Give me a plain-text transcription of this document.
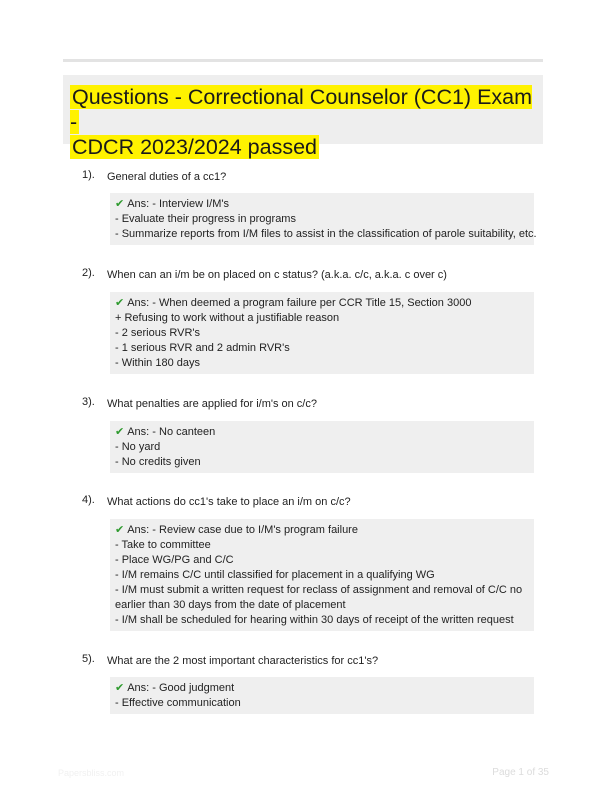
Questions - Correctional Counselor (CC1) Exam -
CDCR 2023/2024 passed
1). General duties of a cc1?
✔ Ans: - Interview I/M's
- Evaluate their progress in programs
- Summarize reports from I/M files to assist in the classification of parole suitability, etc.
2). When can an i/m be on placed on c status? (a.k.a. c/c, a.k.a. c over c)
✔ Ans: - When deemed a program failure per CCR Title 15, Section 3000
+ Refusing to work without a justifiable reason
- 2 serious RVR's
- 1 serious RVR and 2 admin RVR's
- Within 180 days
3). What penalties are applied for i/m's on c/c?
✔ Ans: - No canteen
- No yard
- No credits given
4). What actions do cc1's take to place an i/m on c/c?
✔ Ans: - Review case due to I/M's program failure
- Take to committee
- Place WG/PG and C/C
- I/M remains C/C until classified for placement in a qualifying WG
- I/M must submit a written request for reclass of assignment and removal of C/C no earlier than 30 days from the date of placement
- I/M shall be scheduled for hearing within 30 days of receipt of the written request
5). What are the 2 most important characteristics for cc1's?
✔ Ans: - Good judgment
- Effective communication
Papersbliss.com	Page 1 of 35
